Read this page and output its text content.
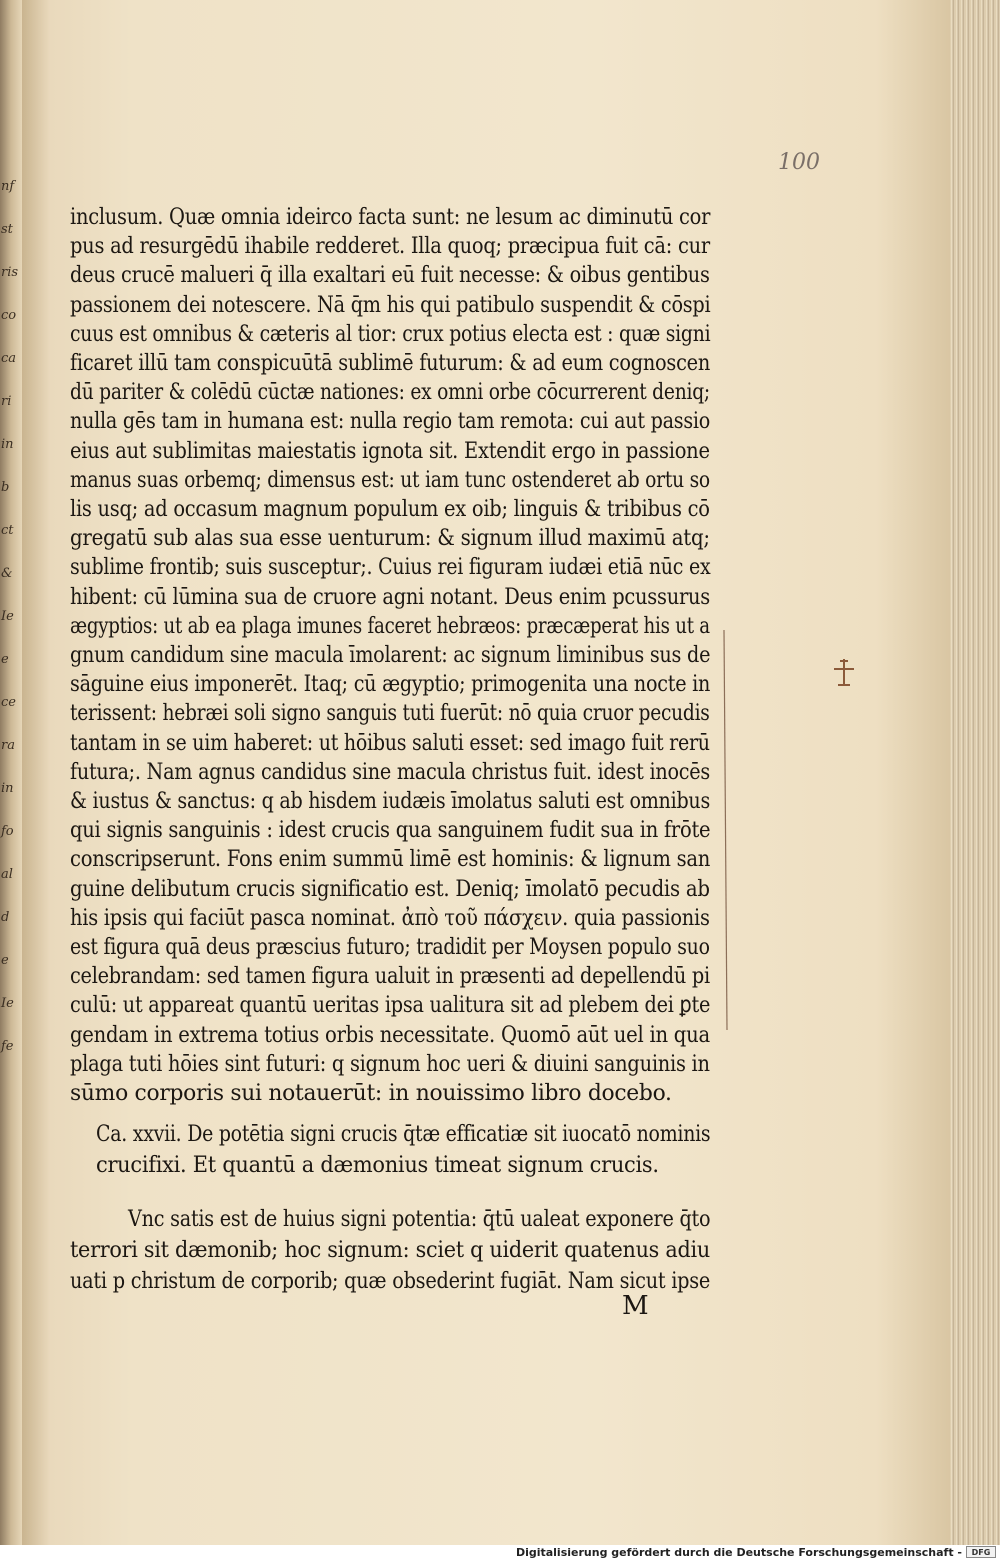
nf
st
ris
co
ca
ri
in
b
ct
&
Ie
e
ce
ra
in
fo
al
d
e
Ie
fe
100
inclusum. Quæ omnia ideirco facta sunt: ne lesum ac diminutū cor
pus ad resurgēdū ihabile redderet. Illa quoq; præcipua fuit cā: cur
deus crucē malueri q̄ illa exaltari eū fuit necesse: & oibus gentibus
passionem dei notescere. Nā q̄m his qui patibulo suspendit & cōspi
cuus est omnibus & cæteris al tior: crux potius electa est : quæ signi
ficaret illū tam conspicuūtā sublimē futurum: & ad eum cognoscen
dū pariter & colēdū cūctæ nationes: ex omni orbe cōcurrerent deniq;
nulla gēs tam in humana est: nulla regio tam remota: cui aut passio
eius aut sublimitas maiestatis ignota sit. Extendit ergo in passione
manus suas orbemq; dimensus est: ut iam tunc ostenderet ab ortu so
lis usq; ad occasum magnum populum ex oib; linguis & tribibus cō
gregatū sub alas sua esse uenturum: & signum illud maximū atq;
sublime frontib; suis susceptur;. Cuius rei figuram iudæi etiā nūc ex
hibent: cū lūmina sua de cruore agni notant. Deus enim pcussurus
ægyptios: ut ab ea plaga imunes faceret hebræos: præcæperat his ut a
gnum candidum sine macula īmolarent: ac signum liminibus sus de
sāguine eius imponerēt. Itaq; cū ægyptio; primogenita una nocte in
terissent: hebræi soli signo sanguis tuti fuerūt: nō quia cruor pecudis
tantam in se uim haberet: ut hōibus saluti esset: sed imago fuit rerū
futura;. Nam agnus candidus sine macula christus fuit. idest inocēs
& iustus & sanctus: q ab hisdem iudæis īmolatus saluti est omnibus
qui signis sanguinis : idest crucis qua sanguinem fudit sua in frōte
conscripserunt. Fons enim summū limē est hominis: & lignum san
guine delibutum crucis significatio est. Deniq; īmolatō pecudis ab
his ipsis qui faciūt pasca nominat. ἀπὸ τοῦ πάσχειν. quia passionis
est figura quā deus præscius futuro; tradidit per Moysen populo suo
celebrandam: sed tamen figura ualuit in præsenti ad depellendū pi
culū: ut appareat quantū ueritas ipsa ualitura sit ad plebem dei ꝑte
gendam in extrema totius orbis necessitate. Quomō aūt uel in qua
plaga tuti hōies sint futuri: q signum hoc ueri & diuini sanguinis in
sūmo corporis sui notauerūt: in nouissimo libro docebo.
Ca. xxvii. De potētia signi crucis q̄tæ efficatiæ sit iuocatō nominis
crucifixi. Et quantū a dæmonius timeat signum crucis.
Vnc satis est de huius signi potentia: q̄tū ualeat exponere q̄to
terrori sit dæmonib; hoc signum: sciet q uiderit quatenus adiu
uati p christum de corporib; quæ obsederint fugiāt. Nam sicut ipse
M
Digitalisierung gefördert durch die Deutsche Forschungsgemeinschaft -	DFG
